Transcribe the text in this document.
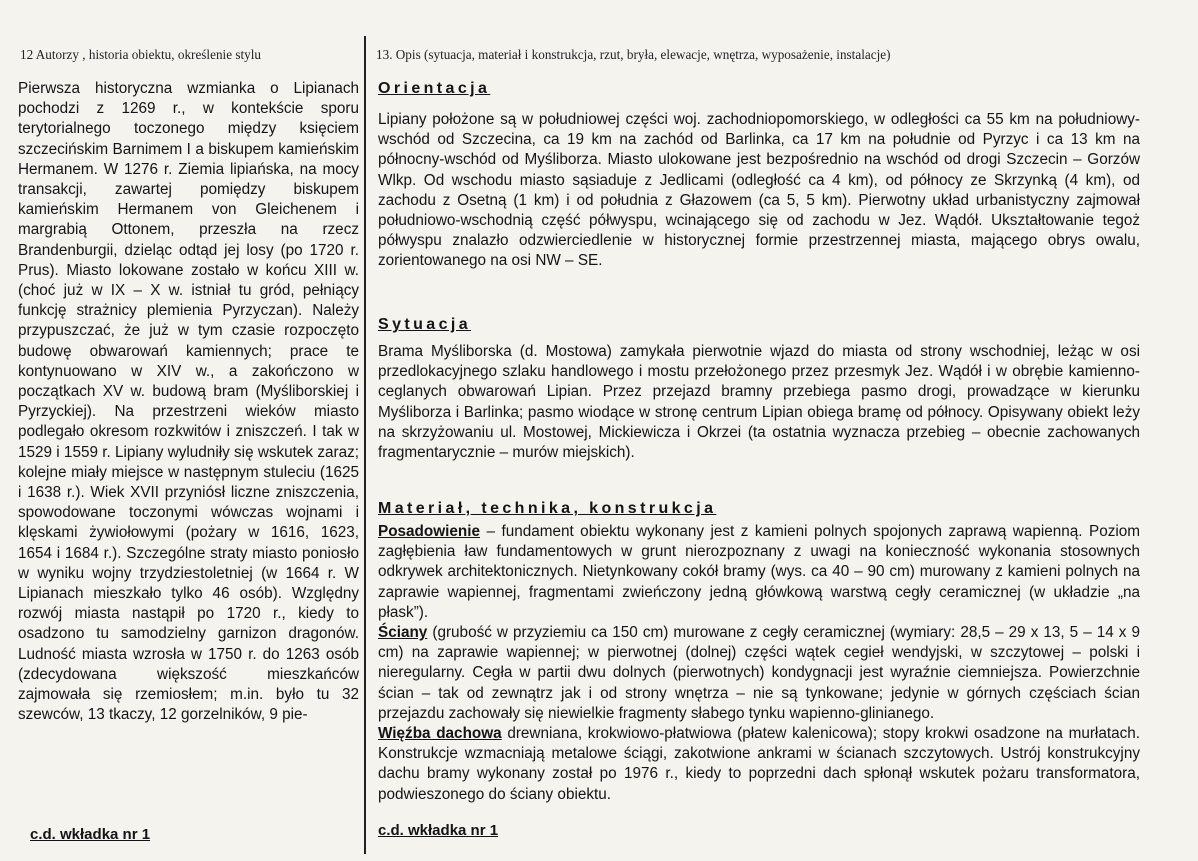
12 Autorzy , historia obiektu, określenie stylu
Pierwsza historyczna wzmianka o Lipianach pochodzi z 1269 r., w kontekście sporu terytorialnego toczonego między księciem szczecińskim Barnimem I a biskupem kamieńskim Hermanem. W 1276 r. Ziemia lipiańska, na mocy transakcji, zawartej pomiędzy biskupem kamieńskim Hermanem von Gleichenem i margrabią Ottonem, przeszła na rzecz Brandenburgii, dzieląc odtąd jej losy (po 1720 r. Prus). Miasto lokowane zostało w końcu XIII w. (choć już w IX – X w. istniał tu gród, pełniący funkcję strażnicy plemienia Pyrzyczan). Należy przypuszczać, że już w tym czasie rozpoczęto budowę obwarowań kamiennych; prace te kontynuowano w XIV w., a zakończono w początkach XV w. budową bram (Myśliborskiej i Pyrzyckiej). Na przestrzeni wieków miasto podlegało okresom rozkwitów i zniszczeń. I tak w 1529 i 1559 r. Lipiany wyludniły się wskutek zaraz; kolejne miały miejsce w następnym stuleciu (1625 i 1638 r.). Wiek XVII przyniósł liczne zniszczenia, spowodowane toczonymi wówczas wojnami i klęskami żywiołowymi (pożary w 1616, 1623, 1654 i 1684 r.). Szczególne straty miasto poniosło w wyniku wojny trzydziestoletniej (w 1664 r. W Lipianach mieszkało tylko 46 osób). Względny rozwój miasta nastąpił po 1720 r., kiedy to osadzono tu samodzielny garnizon dragonów. Ludność miasta wzrosła w 1750 r. do 1263 osób (zdecydowana większość mieszkańców zajmowała się rzemiosłem; m.in. było tu 32 szewców, 13 tkaczy, 12 gorzelników, 9 pie-
c.d. wkładka nr 1
13. Opis (sytuacja, materiał i konstrukcja, rzut, bryła, elewacje, wnętrza, wyposażenie, instalacje)
Orientacja
Lipiany położone są w południowej części woj. zachodniopomorskiego, w odległości ca 55 km na południowy-wschód od Szczecina, ca 19 km na zachód od Barlinka, ca 17 km na południe od Pyrzyc i ca 13 km na północny-wschód od Myśliborza. Miasto ulokowane jest bezpośrednio na wschód od drogi Szczecin – Gorzów Wlkp. Od wschodu miasto sąsiaduje z Jedlicami (odległość ca 4 km), od północy ze Skrzynką (4 km), od zachodu z Osetną (1 km) i od południa z Głazowem (ca 5, 5 km). Pierwotny układ urbanistyczny zajmował południowo-wschodnią część półwyspu, wcinającego się od zachodu w Jez. Wądół. Ukształtowanie tegoż półwyspu znalazło odzwierciedlenie w historycznej formie przestrzennej miasta, mającego obrys owalu, zorientowanego na osi NW – SE.
Sytuacja
Brama Myśliborska (d. Mostowa) zamykała pierwotnie wjazd do miasta od strony wschodniej, leżąc w osi przedlokacyjnego szlaku handlowego i mostu przełożonego przez przesmyk Jez. Wądół i w obrębie kamienno-ceglanych obwarowań Lipian. Przez przejazd bramny przebiega pasmo drogi, prowadzące w kierunku Myśliborza i Barlinka; pasmo wiodące w stronę centrum Lipian obiega bramę od północy. Opisywany obiekt leży na skrzyżowaniu ul. Mostowej, Mickiewicza i Okrzei (ta ostatnia wyznacza przebieg – obecnie zachowanych fragmentarycznie – murów miejskich).
Materiał, technika, konstrukcja
Posadowienie – fundament obiektu wykonany jest z kamieni polnych spojonych zaprawą wapienną. Poziom zagłębienia ław fundamentowych w grunt nierozpoznany z uwagi na konieczność wykonania stosownych odkrywek architektonicznych. Nietynkowany cokół bramy (wys. ca 40 – 90 cm) murowany z kamieni polnych na zaprawie wapiennej, fragmentami zwieńczony jedną główkową warstwą cegły ceramicznej (w układzie „na płask”).
Ściany (grubość w przyziemiu ca 150 cm) murowane z cegły ceramicznej (wymiary: 28,5 – 29 x 13, 5 – 14 x 9 cm) na zaprawie wapiennej; w pierwotnej (dolnej) części wątek cegieł wendyjski, w szczytowej – polski i nieregularny. Cegła w partii dwu dolnych (pierwotnych) kondygnacji jest wyraźnie ciemniejsza. Powierzchnie ścian – tak od zewnątrz jak i od strony wnętrza – nie są tynkowane; jedynie w górnych częściach ścian przejazdu zachowały się niewielkie fragmenty słabego tynku wapienno-glinianego.
Więźba dachowa drewniana, krokwiowo-płatwiowa (płatew kalenicowa); stopy krokwi osadzone na murłatach. Konstrukcje wzmacniają metalowe ściągi, zakotwione ankrami w ścianach szczytowych. Ustrój konstrukcyjny dachu bramy wykonany został po 1976 r., kiedy to poprzedni dach spłonął wskutek pożaru transformatora, podwieszonego do ściany obiektu.
c.d. wkładka nr 1
